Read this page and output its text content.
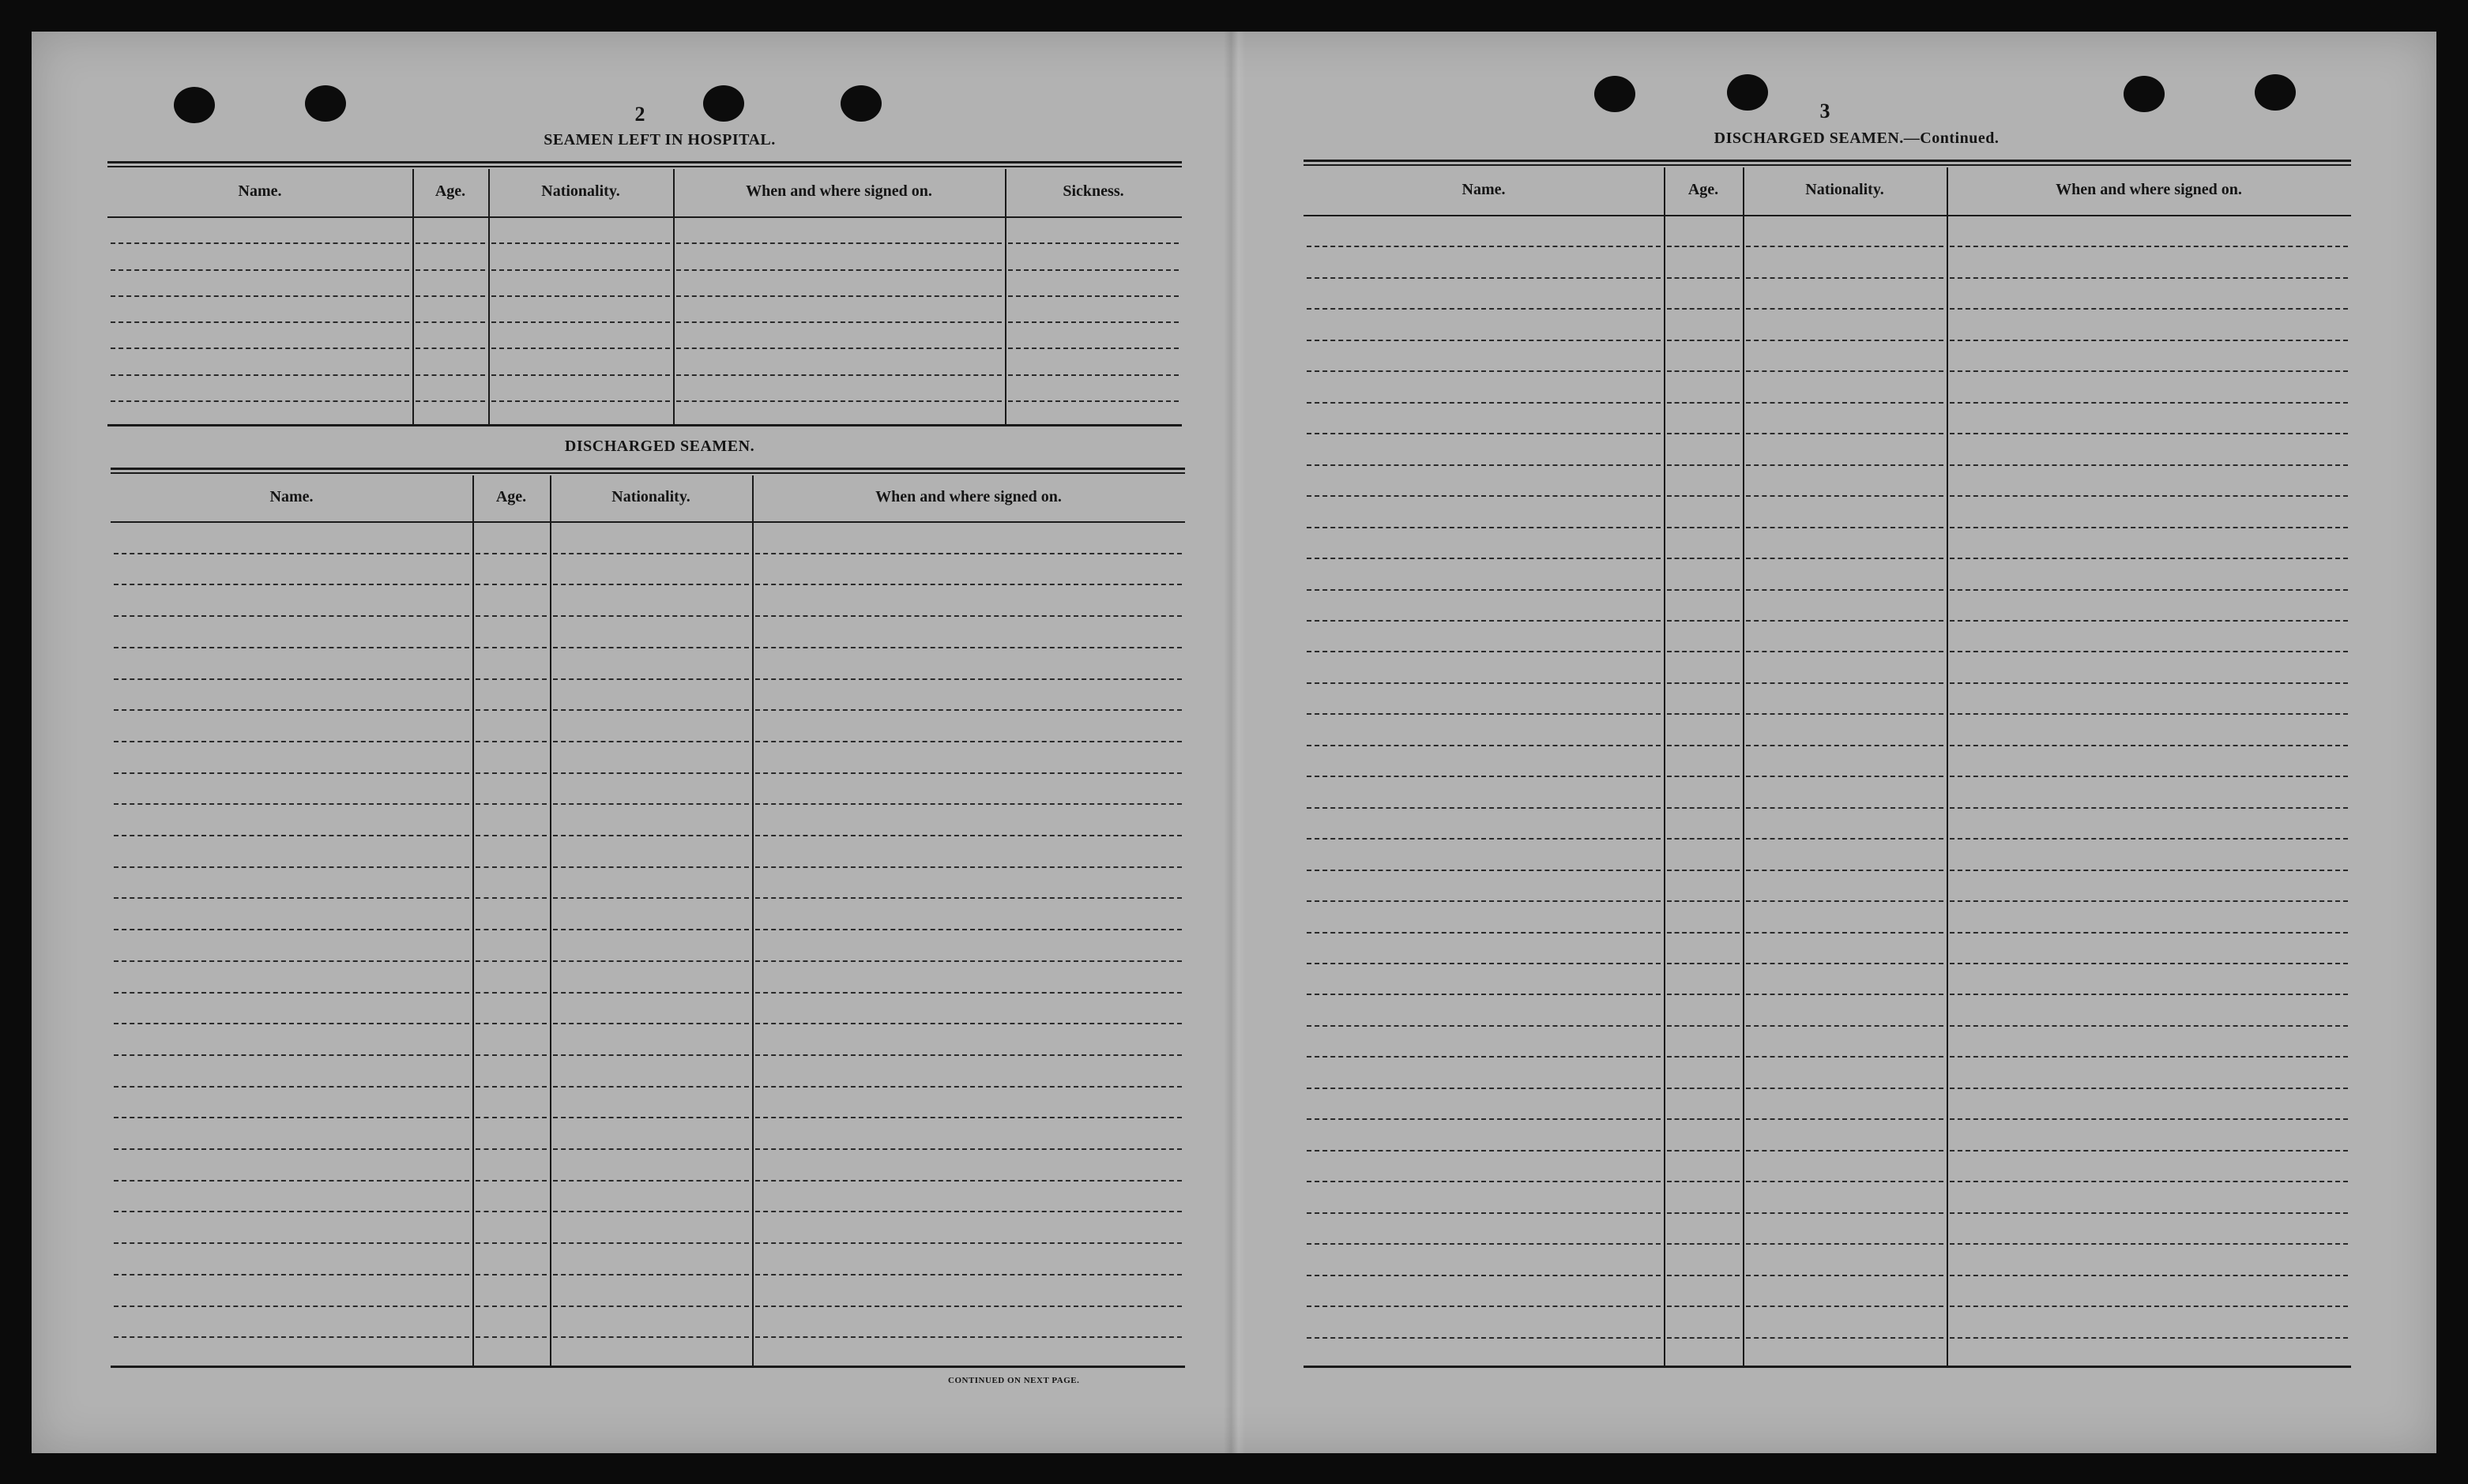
2
SEAMEN LEFT IN HOSPITAL.
Name.	Age.	Nationality.	When and where signed on.	Sickness.
DISCHARGED SEAMEN.
Name.	Age.	Nationality.	When and where signed on.
CONTINUED ON NEXT PAGE.
3
DISCHARGED SEAMEN.—Continued.
Name.	Age.	Nationality.	When and where signed on.
